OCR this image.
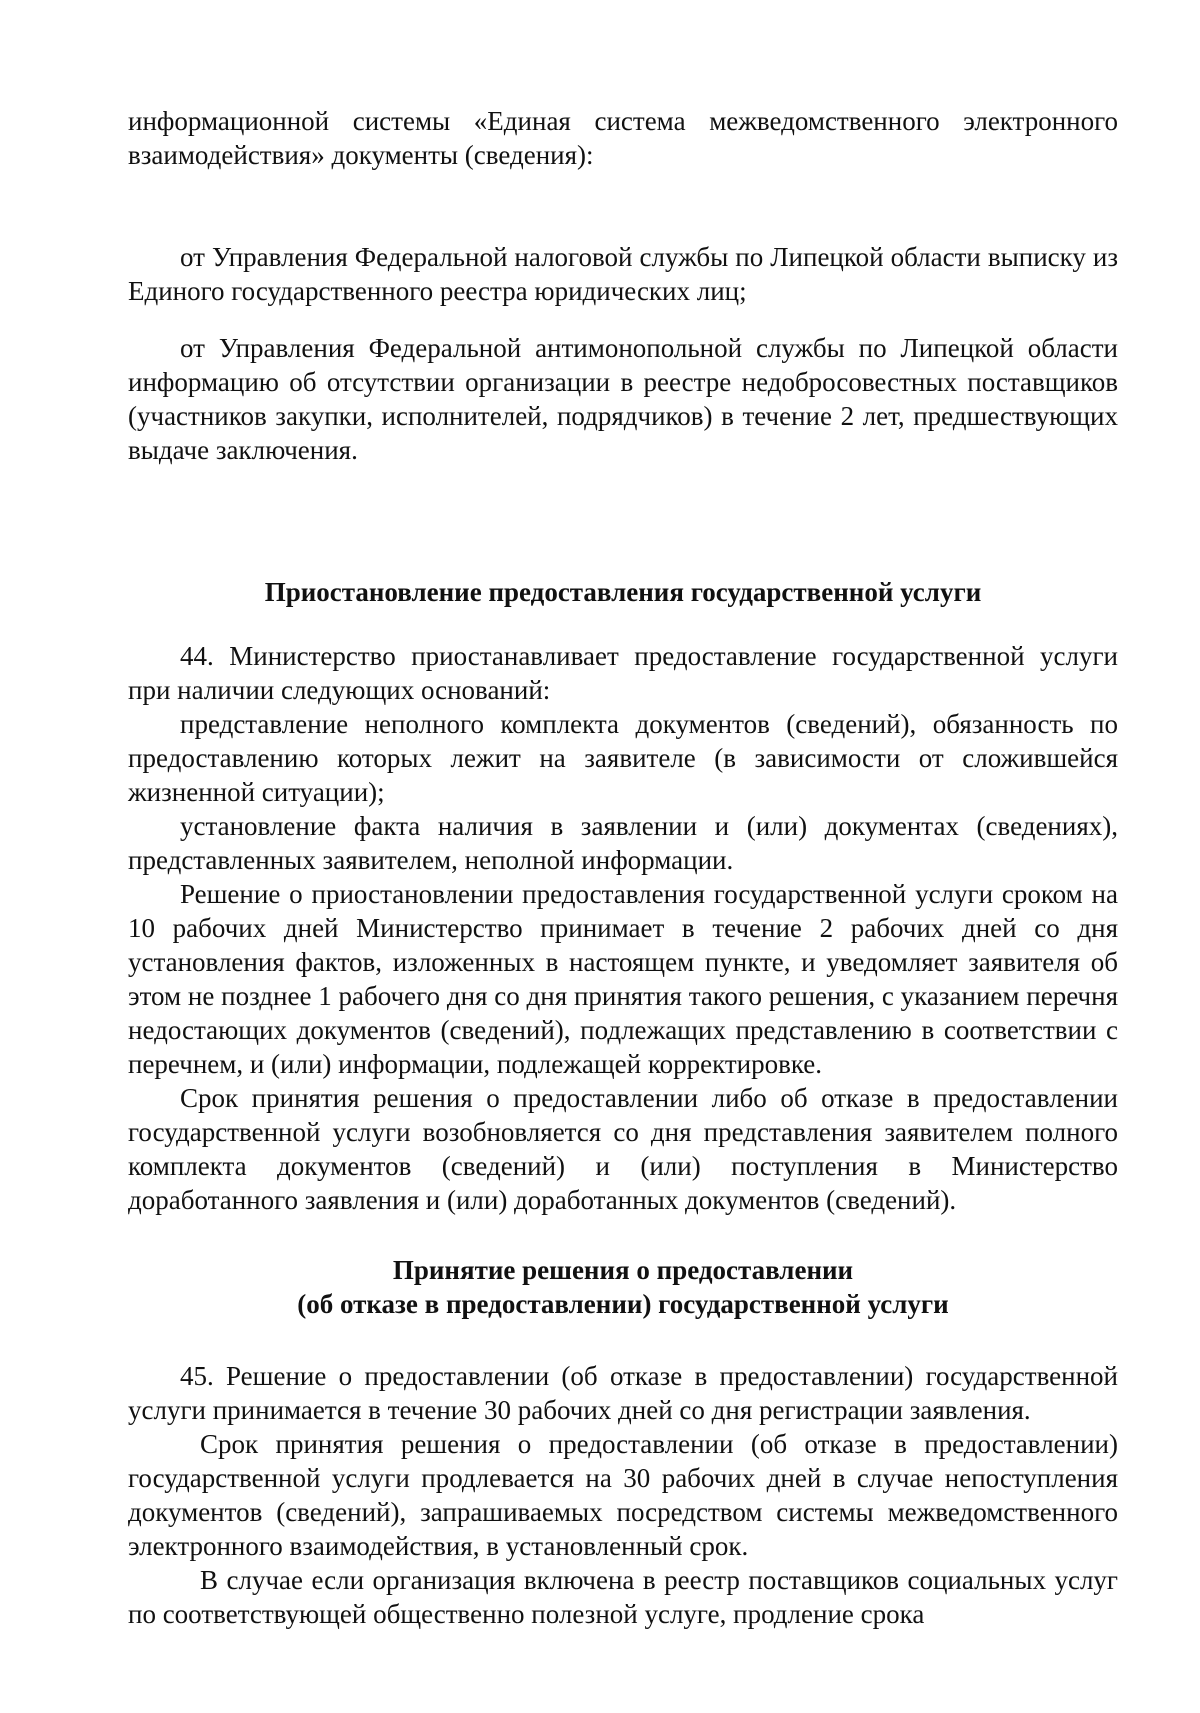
информационной системы «Единая система межведомственного электронного взаимодействия» документы (сведения):

от Управления Федеральной налоговой службы по Липецкой области выписку из Единого государственного реестра юридических лиц;

от Управления Федеральной антимонопольной службы по Липецкой области информацию об отсутствии организации в реестре недобросовестных поставщиков (участников закупки, исполнителей, подрядчиков) в течение 2 лет, предшествующих выдаче заключения.

Приостановление предоставления государственной услуги

44. Министерство приостанавливает предоставление государственной услуги при наличии следующих оснований:

представление неполного комплекта документов (сведений), обязанность по предоставлению которых лежит на заявителе (в зависимости от сложившейся жизненной ситуации);

установление факта наличия в заявлении и (или) документах (сведениях), представленных заявителем, неполной информации.

Решение о приостановлении предоставления государственной услуги сроком на 10 рабочих дней Министерство принимает в течение 2 рабочих дней со дня установления фактов, изложенных в настоящем пункте, и уведомляет заявителя об этом не позднее 1 рабочего дня со дня принятия такого решения, с указанием перечня недостающих документов (сведений), подлежащих представлению в соответствии с перечнем, и (или) информации, подлежащей корректировке.

Срок принятия решения о предоставлении либо об отказе в предоставлении государственной услуги возобновляется со дня представления заявителем полного комплекта документов (сведений) и (или) поступления в Министерство доработанного заявления и (или) доработанных документов (сведений).

Принятие решения о предоставлении
(об отказе в предоставлении) государственной услуги

45. Решение о предоставлении (об отказе в предоставлении) государственной услуги принимается в течение 30 рабочих дней со дня регистрации заявления.

Срок принятия решения о предоставлении (об отказе в предоставлении) государственной услуги продлевается на 30 рабочих дней в случае непоступления документов (сведений), запрашиваемых посредством системы межведомственного электронного взаимодействия, в установленный срок.

В случае если организация включена в реестр поставщиков социальных услуг по соответствующей общественно полезной услуге, продление срока
